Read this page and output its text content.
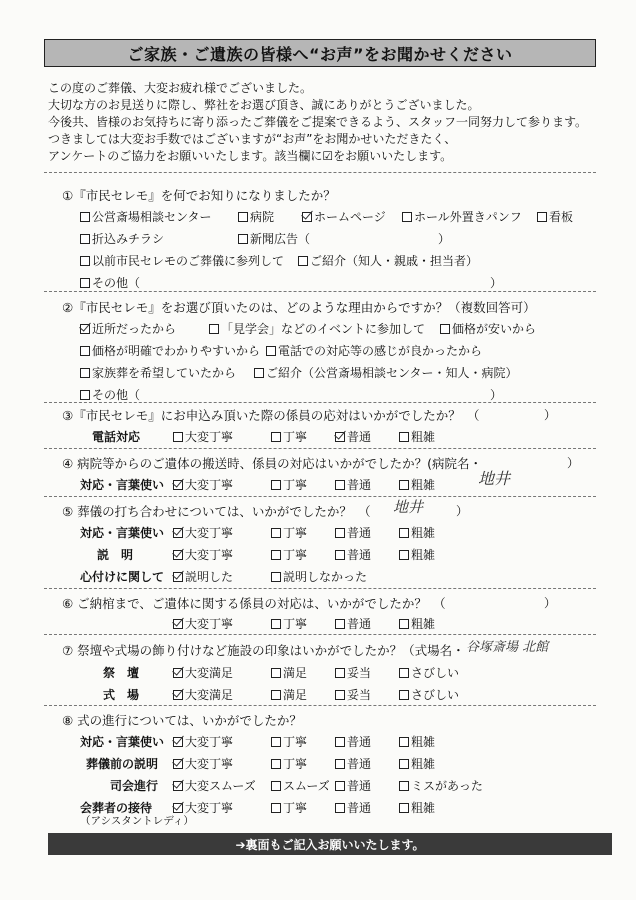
ご家族・ご遺族の皆様へ“お声”をお聞かせください
この度のご葬儀、大変お疲れ様でございました。
大切な方のお見送りに際し、弊社をお選び頂き、誠にありがとうございました。
今後共、皆様のお気持ちに寄り添ったご葬儀をご提案できるよう、スタッフ一同努力して参ります。
つきましては大変お手数ではございますが“お声”をお聞かせいただきたく、
アンケートのご協力をお願いいたします。該当欄に☑をお願いいたします。
①『市民セレモ』を何でお知りになりましたか？
公営斎場相談センター	病院	ホームページ ホール外置きパンフ 看板
折込みチラシ	新聞広告（	）
以前市民セレモのご葬儀に参列して ご紹介（知人・親戚・担当者）
その他（	）
②『市民セレモ』をお選び頂いたのは、どのような理由からですか？（複数回答可）
近所だったから	「見学会」などのイベントに参加して 価格が安いから
価格が明確でわかりやすいから 電話での対応等の感じが良かったから
家族葬を希望していたから ご紹介（公営斎場相談センター・知人・病院）
その他（	）
③『市民セレモ』にお申込み頂いた際の係員の応対はいかがでしたか？　（	）
電話対応	大変丁寧	丁寧	普通	粗雑
④ 病院等からのご遺体の搬送時、係員の対応はいかがでしたか？(病院名・	）
地井
対応・言葉使い 大変丁寧	丁寧	普通	粗雑
⑤ 葬儀の打ち合わせについては、いかがでしたか？　（ 地井	）
対応・言葉使い 大変丁寧	丁寧	普通	粗雑
説　明	大変丁寧	丁寧	普通	粗雑
心付けに関して 説明した	説明しなかった
⑥ ご納棺まで、ご遺体に関する係員の対応は、いかがでしたか？　（	）
大変丁寧	丁寧	普通	粗雑
⑦ 祭壇や式場の飾り付けなど施設の印象はいかがでしたか？（式場名・ 谷塚斎場 北館
祭　壇	大変満足	満足	妥当	さびしい
式　場	大変満足	満足	妥当	さびしい
⑧ 式の進行については、いかがでしたか？
対応・言葉使い 大変丁寧	丁寧	普通	粗雑
葬儀前の説明 大変丁寧	丁寧	普通	粗雑
司会進行 大変スムーズ スムーズ 普通	ミスがあった
会葬者の接待	大変丁寧	丁寧	普通	粗雑
（アシスタントレディ）
➔裏面もご記入お願いいたします。
